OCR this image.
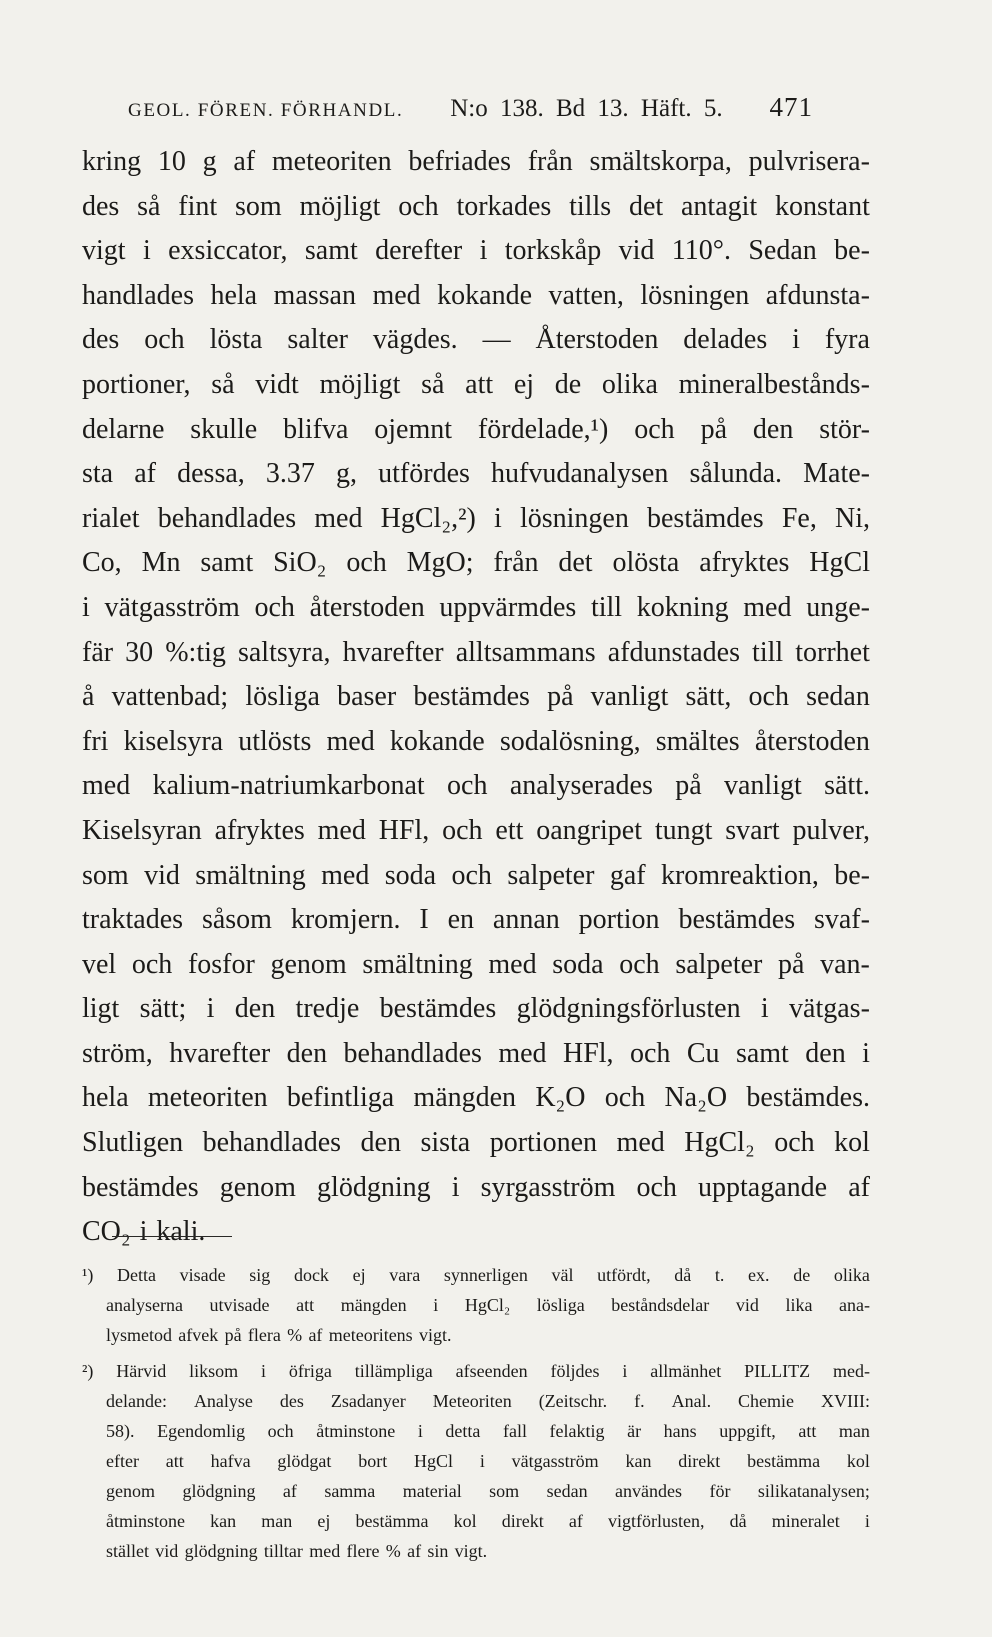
GEOL. FÖREN. FÖRHANDL. N:o 138. Bd 13. Häft. 5. 471
kring 10 g af meteoriten befriades från smältskorpa, pulvrisera-
des så fint som möjligt och torkades tills det antagit konstant
vigt i exsiccator, samt derefter i torkskåp vid 110°. Sedan be-
handlades hela massan med kokande vatten, lösningen afdunsta-
des och lösta salter vägdes. — Återstoden delades i fyra
portioner, så vidt möjligt så att ej de olika mineralbestånds-
delarne skulle blifva ojemnt fördelade,¹) och på den stör-
sta af dessa, 3.37 g, utfördes hufvudanalysen sålunda. Mate-
rialet behandlades med HgCl₂,²) i lösningen bestämdes Fe, Ni,
Co, Mn samt SiO₂ och MgO; från det olösta afryktes HgCl
i vätgasström och återstoden uppvärmdes till kokning med unge-
fär 30 %:tig saltsyra, hvarefter alltsammans afdunstades till torrhet
å vattenbad; lösliga baser bestämdes på vanligt sätt, och sedan
fri kiselsyra utlösts med kokande sodalösning, smältes återstoden
med kalium-natriumkarbonat och analyserades på vanligt sätt.
Kiselsyran afryktes med HFl, och ett oangripet tungt svart pulver,
som vid smältning med soda och salpeter gaf kromreaktion, be-
traktades såsom kromjern. I en annan portion bestämdes svaf-
vel och fosfor genom smältning med soda och salpeter på van-
ligt sätt; i den tredje bestämdes glödgningsförlusten i vätgas-
ström, hvarefter den behandlades med HFl, och Cu samt den i
hela meteoriten befintliga mängden K₂O och Na₂O bestämdes.
Slutligen behandlades den sista portionen med HgCl₂ och kol
bestämdes genom glödgning i syrgasström och upptagande af
CO₂ i kali.
¹) Detta visade sig dock ej vara synnerligen väl utfördt, då t. ex. de olika
analyserna utvisade att mängden i HgCl₂ lösliga beståndsdelar vid lika ana-
lysmetod afvek på flera % af meteoritens vigt.
²) Härvid liksom i öfriga tillämpliga afseenden följdes i allmänhet PILLITZ med-
delande: Analyse des Zsadanyer Meteoriten (Zeitschr. f. Anal. Chemie XVIII:
58). Egendomlig och åtminstone i detta fall felaktig är hans uppgift, att man
efter att hafva glödgat bort HgCl i vätgasström kan direkt bestämma kol
genom glödgning af samma material som sedan användes för silikatanalysen;
åtminstone kan man ej bestämma kol direkt af vigtförlusten, då mineralet i
stället vid glödgning tilltar med flere % af sin vigt.
